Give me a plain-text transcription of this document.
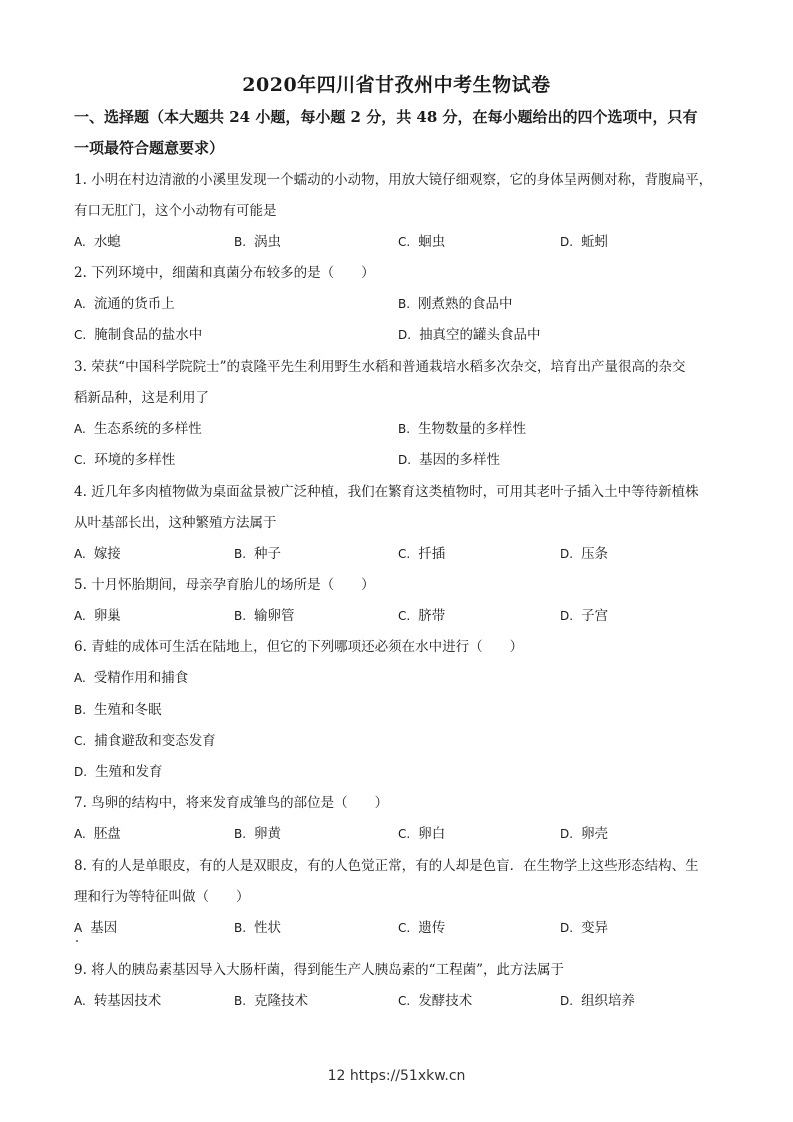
2020年四川省甘孜州中考生物试卷
一、选择题（本大题共 24 小题，每小题 2 分，共 48 分，在每小题给出的四个选项中，只有
一项最符合题意要求）
1. 小明在村边清澈的小溪里发现一个蠕动的小动物，用放大镜仔细观察，它的身体呈两侧对称，背腹扁平，
有口无肛门，这个小动物有可能是
A. 水螅	B. 涡虫	C. 蛔虫	D. 蚯蚓
2. 下列环境中，细菌和真菌分布较多的是（　　）
A. 流通的货币上	B. 刚煮熟的食品中
C. 腌制食品的盐水中	D. 抽真空的罐头食品中
3. 荣获“中国科学院院士”的袁隆平先生利用野生水稻和普通栽培水稻多次杂交，培育出产量很高的杂交
稻新品种，这是利用了
A. 生态系统的多样性	B. 生物数量的多样性
C. 环境的多样性	D. 基因的多样性
4. 近几年多肉植物做为桌面盆景被广泛种植，我们在繁育这类植物时，可用其老叶子插入土中等待新植株
从叶基部长出，这种繁殖方法属于
A. 嫁接	B. 种子	C. 扦插	D. 压条
5. 十月怀胎期间，母亲孕育胎儿的场所是（　　）
A. 卵巢	B. 输卵管	C. 脐带	D. 子宫
6. 青蛙的成体可生活在陆地上，但它的下列哪项还必须在水中进行（　　）
A. 受精作用和捕食
B. 生殖和冬眠
C. 捕食避敌和变态发育
D. 生殖和发育
7. 鸟卵的结构中，将来发育成雏鸟的部位是（　　）
A. 胚盘	B. 卵黄	C. 卵白	D. 卵壳
8. 有的人是单眼皮，有的人是双眼皮，有的人色觉正常，有的人却是色盲．在生物学上这些形态结构、生
理和行为等特征叫做（　　）
A 基因	B. 性状	C. 遗传	D. 变异
9. 将人的胰岛素基因导入大肠杆菌，得到能生产人胰岛素的“工程菌”，此方法属于
A. 转基因技术	B. 克隆技术	C. 发酵技术	D. 组织培养
12 https://51xkw.cn
